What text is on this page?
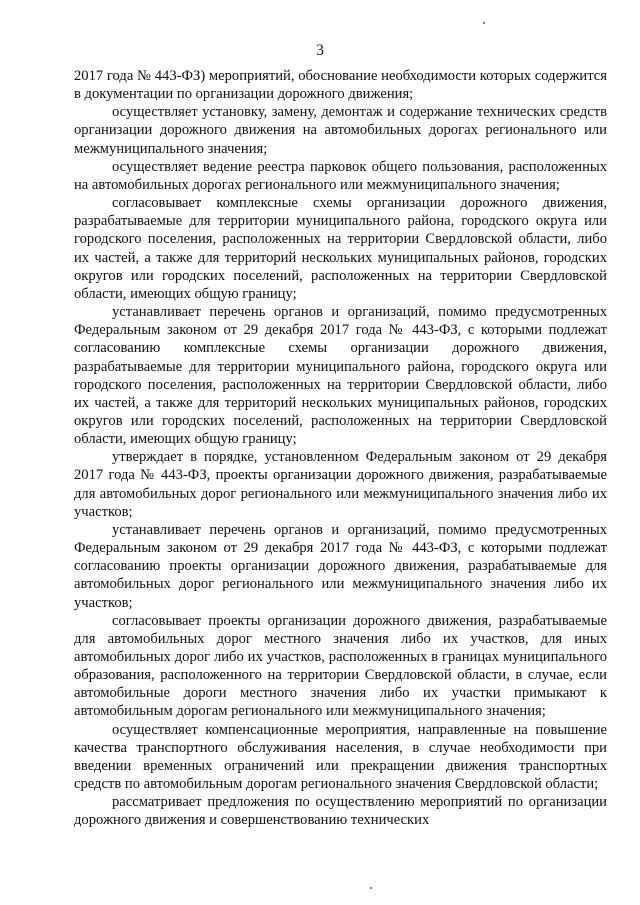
3

2017 года № 443-ФЗ) мероприятий, обоснование необходимости которых содержится в документации по организации дорожного движения;

осуществляет установку, замену, демонтаж и содержание технических средств организации дорожного движения на автомобильных дорогах регионального или межмуниципального значения;

осуществляет ведение реестра парковок общего пользования, расположенных на автомобильных дорогах регионального или межмуниципального значения;

согласовывает комплексные схемы организации дорожного движения, разрабатываемые для территории муниципального района, городского округа или городского поселения, расположенных на территории Свердловской области, либо их частей, а также для территорий нескольких муниципальных районов, городских округов или городских поселений, расположенных на территории Свердловской области, имеющих общую границу;

устанавливает перечень органов и организаций, помимо предусмотренных Федеральным законом от 29 декабря 2017 года № 443-ФЗ, с которыми подлежат согласованию комплексные схемы организации дорожного движения, разрабатываемые для территории муниципального района, городского округа или городского поселения, расположенных на территории Свердловской области, либо их частей, а также для территорий нескольких муниципальных районов, городских округов или городских поселений, расположенных на территории Свердловской области, имеющих общую границу;

утверждает в порядке, установленном Федеральным законом от 29 декабря 2017 года № 443-ФЗ, проекты организации дорожного движения, разрабатываемые для автомобильных дорог регионального или межмуниципального значения либо их участков;

устанавливает перечень органов и организаций, помимо предусмотренных Федеральным законом от 29 декабря 2017 года № 443-ФЗ, с которыми подлежат согласованию проекты организации дорожного движения, разрабатываемые для автомобильных дорог регионального или межмуниципального значения либо их участков;

согласовывает проекты организации дорожного движения, разрабатываемые для автомобильных дорог местного значения либо их участков, для иных автомобильных дорог либо их участков, расположенных в границах муниципального образования, расположенного на территории Свердловской области, в случае, если автомобильные дороги местного значения либо их участки примыкают к автомобильным дорогам регионального или межмуниципального значения;

осуществляет компенсационные мероприятия, направленные на повышение качества транспортного обслуживания населения, в случае необходимости при введении временных ограничений или прекращении движения транспортных средств по автомобильным дорогам регионального значения Свердловской области;

рассматривает предложения по осуществлению мероприятий по организации дорожного движения и совершенствованию технических
